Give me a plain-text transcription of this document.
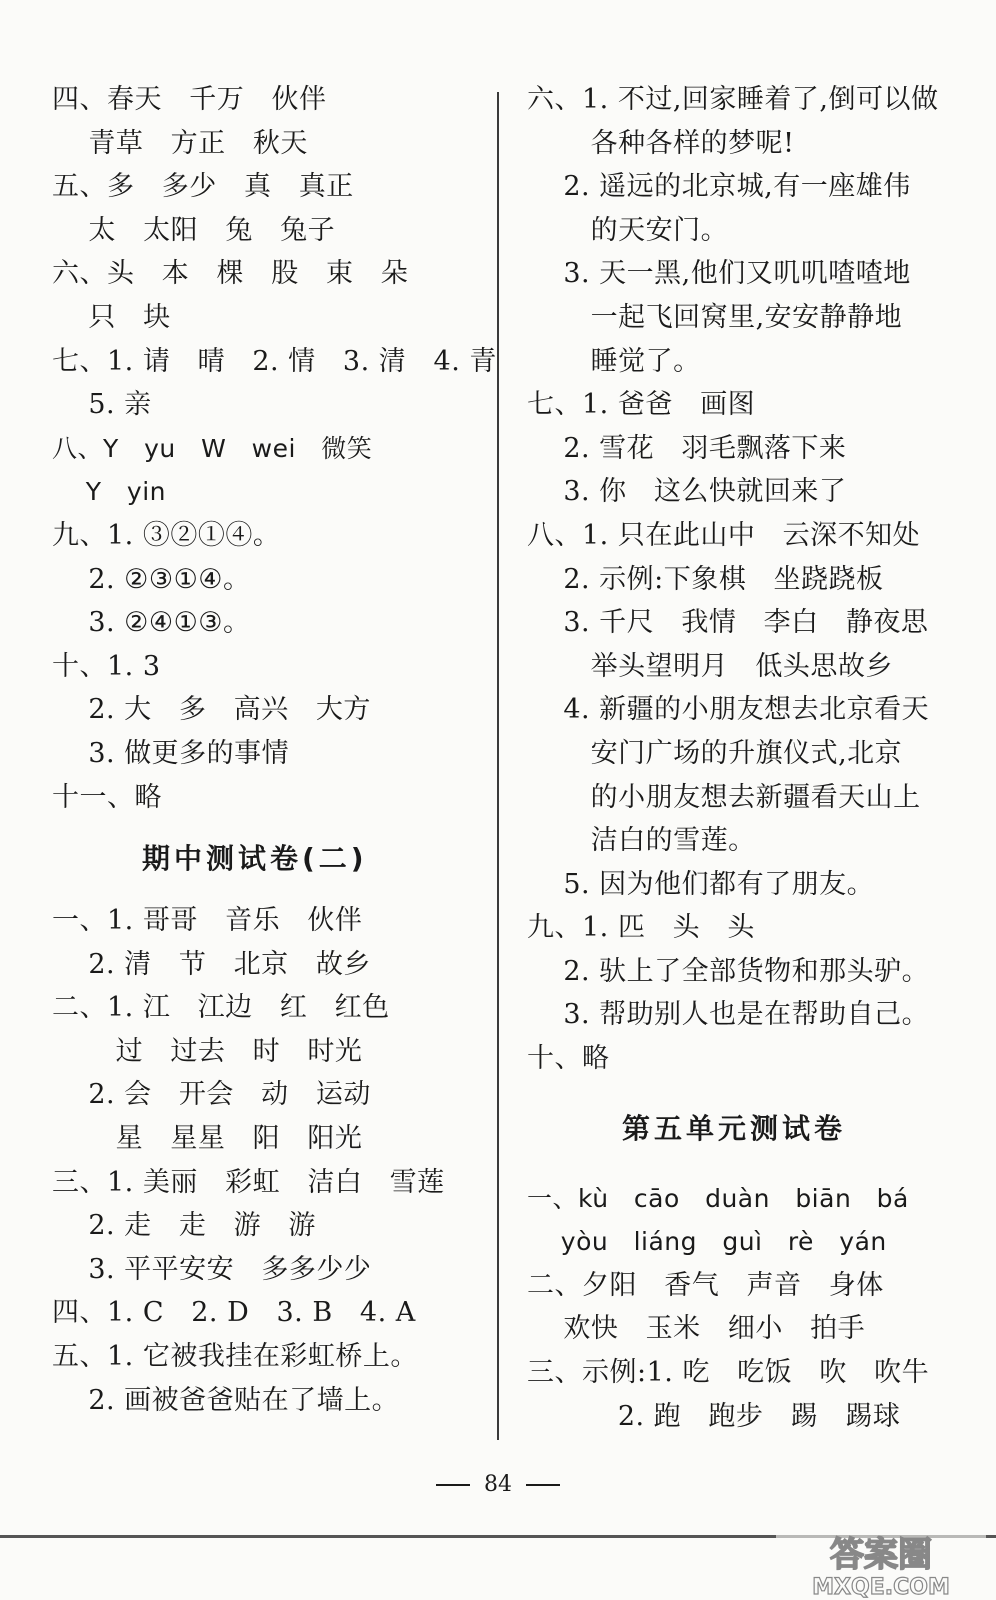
四、春天   千万   伙伴
青草   方正   秋天
五、多   多少   真   真正
太   太阳   兔   兔子
六、头   本   棵   股   束   朵
只   块
七、1. 请   晴   2. 情   3. 清   4. 青
5. 亲
八、Y   yu   W   wei   微笑
Y   yin
九、1. ③②①④。
2. ②③①④。
3. ②④①③。
十、1. 3
2. 大   多   高兴   大方
3. 做更多的事情
十一、略
期中测试卷(二)
一、1. 哥哥   音乐   伙伴
2. 清   节   北京   故乡
二、1. 江   江边   红   红色
过   过去   时   时光
2. 会   开会   动   运动
星   星星   阳   阳光
三、1. 美丽   彩虹   洁白   雪莲
2. 走   走   游   游
3. 平平安安   多多少少
四、1. C   2. D   3. B   4. A
五、1. 它被我挂在彩虹桥上。
2. 画被爸爸贴在了墙上。
六、1. 不过,回家睡着了,倒可以做
各种各样的梦呢!
2. 遥远的北京城,有一座雄伟
的天安门。
3. 天一黑,他们又叽叽喳喳地
一起飞回窝里,安安静静地
睡觉了。
七、1. 爸爸   画图
2. 雪花   羽毛飘落下来
3. 你   这么快就回来了
八、1. 只在此山中   云深不知处
2. 示例:下象棋   坐跷跷板
3. 千尺   我情   李白   静夜思
举头望明月   低头思故乡
4. 新疆的小朋友想去北京看天
安门广场的升旗仪式,北京
的小朋友想去新疆看天山上
洁白的雪莲。
5. 因为他们都有了朋友。
九、1. 匹   头   头
2. 驮上了全部货物和那头驴。
3. 帮助别人也是在帮助自己。
十、略
第五单元测试卷
一、kù   cāo   duàn   biān   bá
yòu   liáng   guì   rè   yán
二、夕阳   香气   声音   身体
欢快   玉米   细小   拍手
三、示例:1. 吃   吃饭   吹   吹牛
2. 跑   跑步   踢   踢球
84
答案圈
MXQE.COM
